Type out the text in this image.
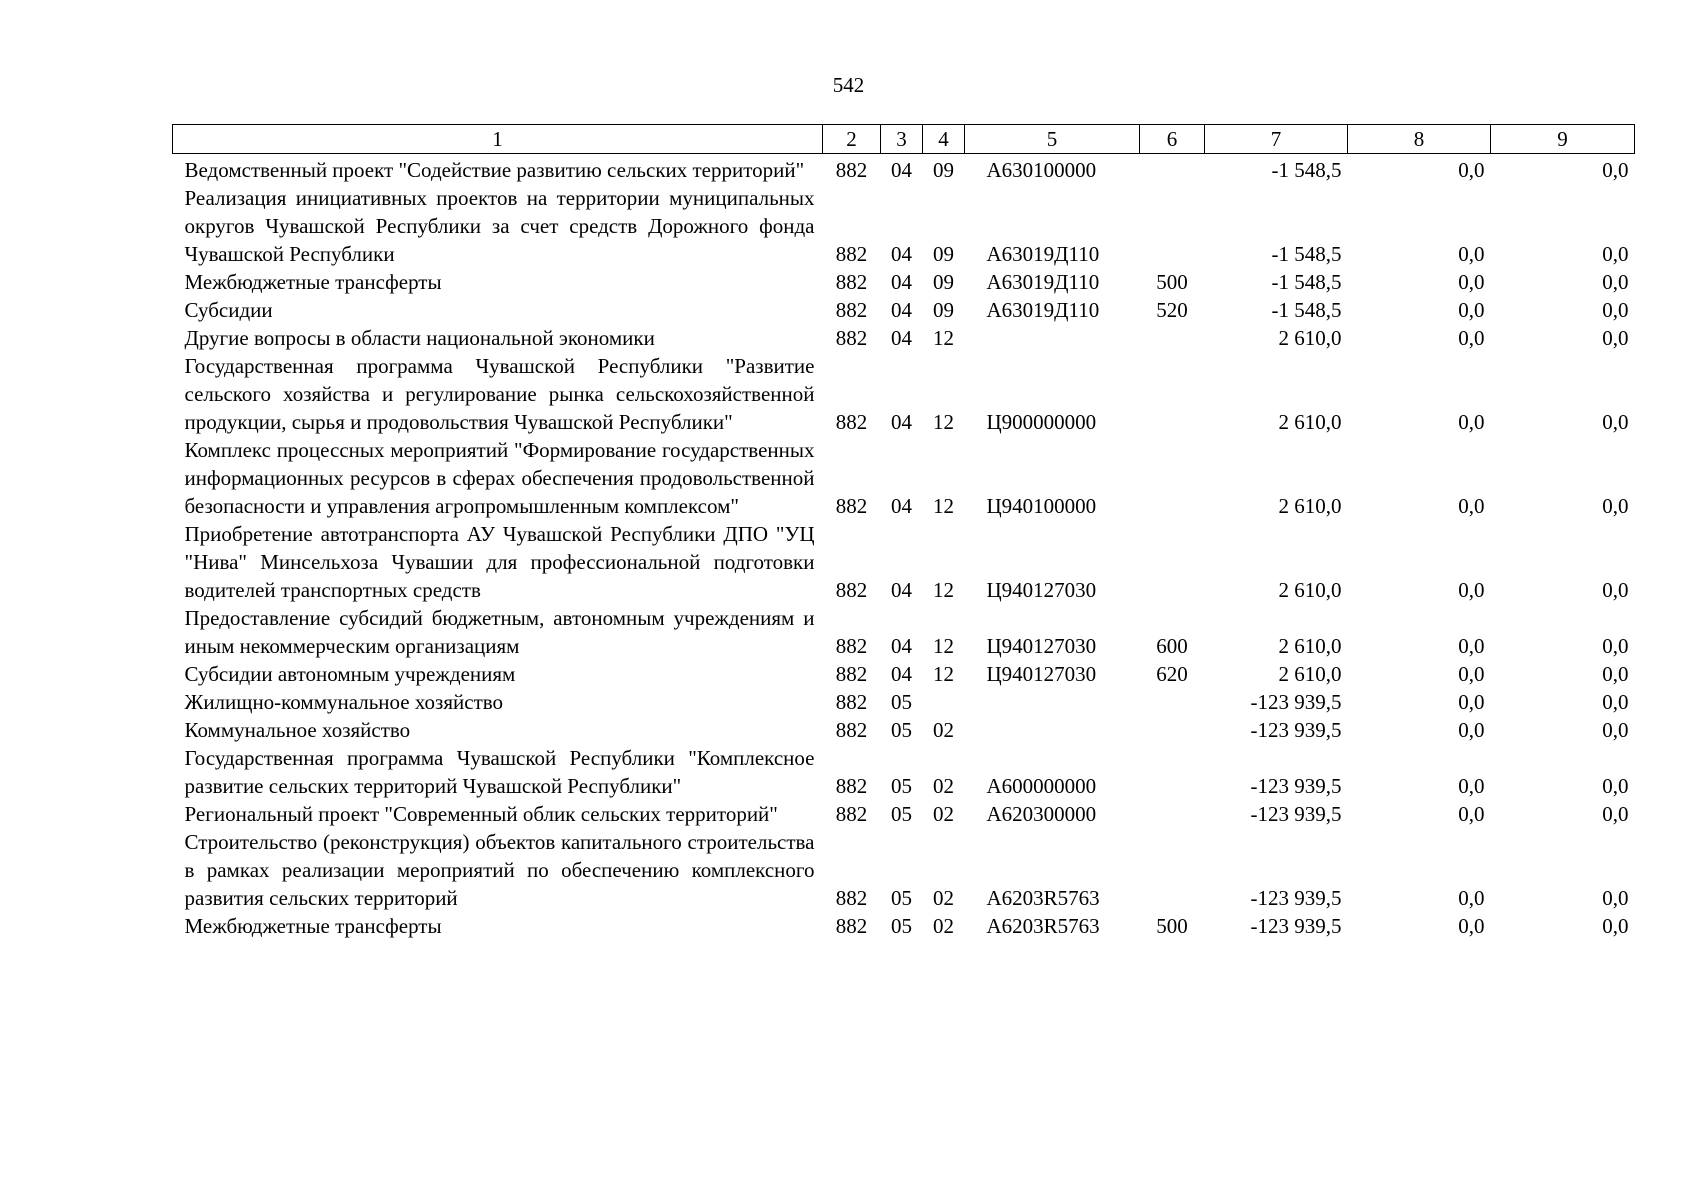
542
1	2	3	4	5	6	7	8	9
Ведомственный проект "Содействие развитию сельских территорий"	882	04	09	А630100000		-1 548,5	0,0	0,0
Реализация инициативных проектов на территории муниципальных округов Чувашской Республики за счет средств Дорожного фонда Чувашской Республики	882	04	09	А63019Д110		-1 548,5	0,0	0,0
Межбюджетные трансферты	882	04	09	А63019Д110	500	-1 548,5	0,0	0,0
Субсидии	882	04	09	А63019Д110	520	-1 548,5	0,0	0,0
Другие вопросы в области национальной экономики	882	04	12			2 610,0	0,0	0,0
Государственная программа Чувашской Республики "Развитие сельского хозяйства и регулирование рынка сельскохозяйственной продукции, сырья и продовольствия Чувашской Республики"	882	04	12	Ц900000000		2 610,0	0,0	0,0
Комплекс процессных мероприятий "Формирование государственных информационных ресурсов в сферах обеспечения продовольственной безопасности и управления агропромышленным комплексом"	882	04	12	Ц940100000		2 610,0	0,0	0,0
Приобретение автотранспорта АУ Чувашской Республики ДПО "УЦ "Нива" Минсельхоза Чувашии для профессиональной подготовки водителей транспортных средств	882	04	12	Ц940127030		2 610,0	0,0	0,0
Предоставление субсидий бюджетным, автономным учреждениям и иным некоммерческим организациям	882	04	12	Ц940127030	600	2 610,0	0,0	0,0
Субсидии автономным учреждениям	882	04	12	Ц940127030	620	2 610,0	0,0	0,0
Жилищно-коммунальное хозяйство	882	05				-123 939,5	0,0	0,0
Коммунальное хозяйство	882	05	02			-123 939,5	0,0	0,0
Государственная программа Чувашской Республики "Комплексное развитие сельских территорий Чувашской Республики"	882	05	02	А600000000		-123 939,5	0,0	0,0
Региональный проект "Современный облик сельских территорий"	882	05	02	А620300000		-123 939,5	0,0	0,0
Строительство (реконструкция) объектов капитального строительства в рамках реализации мероприятий по обеспечению комплексного развития сельских территорий	882	05	02	А6203R5763		-123 939,5	0,0	0,0
Межбюджетные трансферты	882	05	02	А6203R5763	500	-123 939,5	0,0	0,0
